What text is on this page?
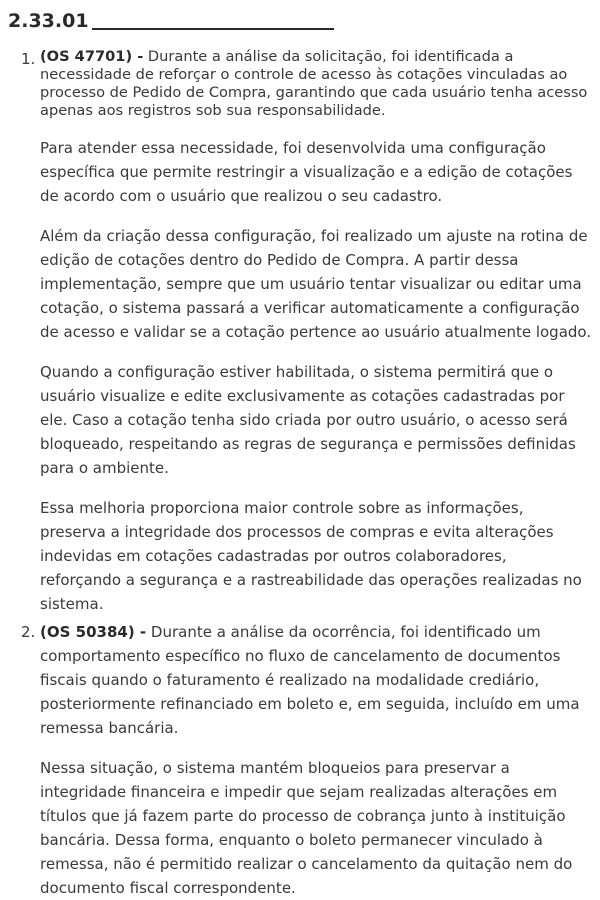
2.33.01
1. (OS 47701) - Durante a análise da solicitação, foi identificada a necessidade de reforçar o controle de acesso às cotações vinculadas ao processo de Pedido de Compra, garantindo que cada usuário tenha acesso apenas aos registros sob sua responsabilidade.

Para atender essa necessidade, foi desenvolvida uma configuração específica que permite restringir a visualização e a edição de cotações de acordo com o usuário que realizou o seu cadastro.

Além da criação dessa configuração, foi realizado um ajuste na rotina de edição de cotações dentro do Pedido de Compra. A partir dessa implementação, sempre que um usuário tentar visualizar ou editar uma cotação, o sistema passará a verificar automaticamente a configuração de acesso e validar se a cotação pertence ao usuário atualmente logado.

Quando a configuração estiver habilitada, o sistema permitirá que o usuário visualize e edite exclusivamente as cotações cadastradas por ele. Caso a cotação tenha sido criada por outro usuário, o acesso será bloqueado, respeitando as regras de segurança e permissões definidas para o ambiente.

Essa melhoria proporciona maior controle sobre as informações, preserva a integridade dos processos de compras e evita alterações indevidas em cotações cadastradas por outros colaboradores, reforçando a segurança e a rastreabilidade das operações realizadas no sistema.

2. (OS 50384) - Durante a análise da ocorrência, foi identificado um comportamento específico no fluxo de cancelamento de documentos fiscais quando o faturamento é realizado na modalidade crediário, posteriormente refinanciado em boleto e, em seguida, incluído em uma remessa bancária.

Nessa situação, o sistema mantém bloqueios para preservar a integridade financeira e impedir que sejam realizadas alterações em títulos que já fazem parte do processo de cobrança junto à instituição bancária. Dessa forma, enquanto o boleto permanecer vinculado à remessa, não é permitido realizar o cancelamento da quitação nem do documento fiscal correspondente.
